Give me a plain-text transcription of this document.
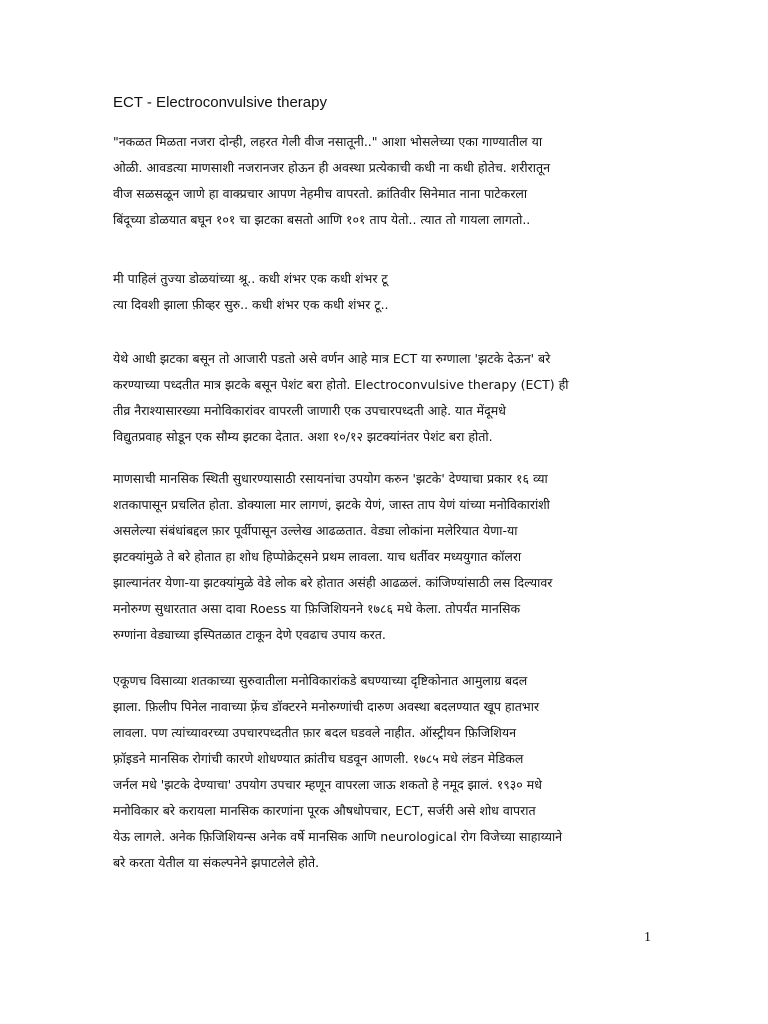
ECT - Electroconvulsive therapy
"नकळत मिळता नजरा दोन्ही, लहरत गेली वीज नसातूनी.." आशा भोसलेच्या एका गाण्यातील या
ओळी. आवडत्या माणसाशी नजरानजर होऊन ही अवस्था प्रत्येकाची कधी ना कधी होतेच. शरीरातून
वीज सळसळून जाणे हा वाक्प्रचार आपण नेहमीच वापरतो. क्रांतिवीर सिनेमात नाना पाटेकरला
बिंदूच्या डोळयात बघून १०१ चा झटका बसतो आणि १०१ ताप येतो.. त्यात तो गायला लागतो..
मी पाहिलं तुज्या डोळयांच्या श्रू.. कधी शंभर एक कधी शंभर टू
त्या दिवशी झाला फ़ीव्हर सुरु.. कधी शंभर एक कधी शंभर टू..
येथे आधी झटका बसून तो आजारी पडतो असे वर्णन आहे मात्र ECT या रुग्णाला 'झटके देऊन' बरे
करण्याच्या पध्दतीत मात्र झटके बसून पेशंट बरा होतो. Electroconvulsive therapy (ECT) ही
तीव्र नैराश्यासारख्या मनोविकारांवर वापरली जाणारी एक उपचारपध्दती आहे. यात मेंदूमधे
विद्युतप्रवाह सोडून एक सौम्य झटका देतात. अशा १०/१२ झटक्यांनंतर पेशंट बरा होतो.
माणसाची मानसिक स्थिती सुधारण्यासाठी रसायनांचा उपयोग करुन 'झटके' देण्याचा प्रकार १६ व्या
शतकापासून प्रचलित होता. डोक्याला मार लागणं, झटके येणं, जास्त ताप येणं यांच्या मनोविकारांशी
असलेल्या संबंधांबद्दल फ़ार पूर्वीपासून उल्लेख आढळतात. वेड्या लोकांना मलेरियात येणा-या
झटक्यांमुळे ते बरे होतात हा शोध हिप्पोक्रेट्सने प्रथम लावला. याच धर्तीवर मध्ययुगात कॉलरा
झाल्यानंतर येणा-या झटक्यांमुळे वेडे लोक बरे होतात असंही आढळलं. कांजिण्यांसाठी लस दिल्यावर
मनोरुग्ण सुधारतात असा दावा Roess या फ़िजिशियनने १७८६ मधे केला. तोपर्यंत मानसिक
रुग्णांना वेड्याच्या इस्पितळात टाकून देणे एवढाच उपाय करत.
एकूणच विसाव्या शतकाच्या सुरुवातीला मनोविकारांकडे बघण्याच्या दृष्टिकोनात आमुलाग्र बदल
झाला. फ़िलीप पिनेल नावाच्या फ़्रेंच डॉक्टरने मनोरुग्णांची दारुण अवस्था बदलण्यात खूप हातभार
लावला. पण त्यांच्यावरच्या उपचारपध्दतीत फ़ार बदल घडवले नाहीत. ऑस्ट्रीयन फ़िजिशियन
फ़्रॉइडने मानसिक रोगांची कारणे शोधण्यात क्रांतीच घडवून आणली. १७८५ मधे लंडन मेडिकल
जर्नल मधे 'झटके देण्याचा' उपयोग उपचार म्हणून वापरला जाऊ शकतो हे नमूद झालं. १९३० मधे
मनोविकार बरे करायला मानसिक कारणांना पूरक औषधोपचार, ECT, सर्जरी असे शोध वापरात
येऊ लागले. अनेक फ़िजिशियन्स अनेक वर्षे मानसिक आणि neurological रोग विजेच्या साहाय्याने
बरे करता येतील या संकल्पनेने झपाटलेले होते.
1
